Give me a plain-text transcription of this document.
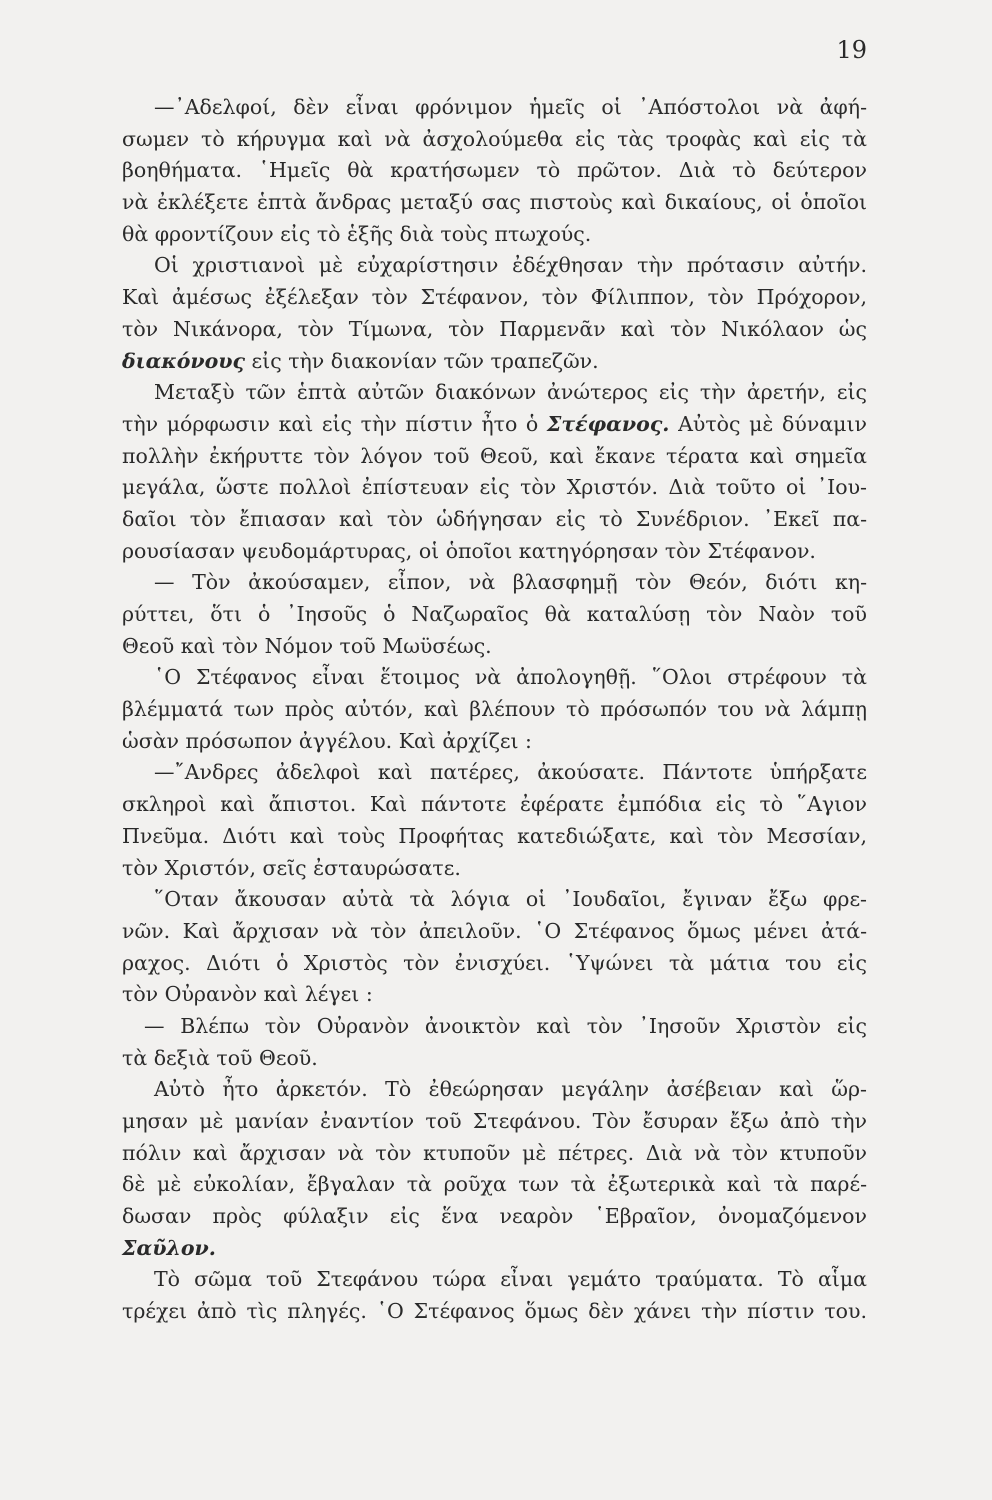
19
—᾿Αδελφοί, δὲν εἶναι φρόνιμον ἡμεῖς οἱ ᾿Απόστολοι νὰ ἀφή-
σωμεν τὸ κήρυγμα καὶ νὰ ἀσχολούμεθα εἰς τὰς τροφὰς καὶ εἰς τὰ
βοηθήματα. ῾Ημεῖς θὰ κρατήσωμεν τὸ πρῶτον. Διὰ τὸ δεύτερον
νὰ ἐκλέξετε ἑπτὰ ἄνδρας μεταξύ σας πιστοὺς καὶ δικαίους, οἱ ὁποῖοι
θὰ φροντίζουν εἰς τὸ ἑξῆς διὰ τοὺς πτωχούς.
Οἱ χριστιανοὶ μὲ εὐχαρίστησιν ἐδέχθησαν τὴν πρότασιν αὐτήν.
Καὶ ἀμέσως ἐξέλεξαν τὸν Στέφανον, τὸν Φίλιππον, τὸν Πρόχορον,
τὸν Νικάνορα, τὸν Τίμωνα, τὸν Παρμενᾶν καὶ τὸν Νικόλαον ὡς
διακόνους εἰς τὴν διακονίαν τῶν τραπεζῶν.
Μεταξὺ τῶν ἑπτὰ αὐτῶν διακόνων ἀνώτερος εἰς τὴν ἀρετήν, εἰς
τὴν μόρφωσιν καὶ εἰς τὴν πίστιν ἦτο ὁ Στέφανος. Αὐτὸς μὲ δύναμιν
πολλὴν ἐκήρυττε τὸν λόγον τοῦ Θεοῦ, καὶ ἔκανε τέρατα καὶ σημεῖα
μεγάλα, ὥστε πολλοὶ ἐπίστευαν εἰς τὸν Χριστόν. Διὰ τοῦτο οἱ ᾿Ιου-
δαῖοι τὸν ἔπιασαν καὶ τὸν ὡδήγησαν εἰς τὸ Συνέδριον. ᾿Εκεῖ πα-
ρουσίασαν ψευδομάρτυρας, οἱ ὁποῖοι κατηγόρησαν τὸν Στέφανον.
— Τὸν ἀκούσαμεν, εἶπον, νὰ βλασφημῇ τὸν Θεόν, διότι κη-
ρύττει, ὅτι ὁ ᾿Ιησοῦς ὁ Ναζωραῖος θὰ καταλύσῃ τὸν Ναὸν τοῦ
Θεοῦ καὶ τὸν Νόμον τοῦ Μωϋσέως.
῾Ο Στέφανος εἶναι ἕτοιμος νὰ ἀπολογηθῇ. ῞Ολοι στρέφουν τὰ
βλέμματά των πρὸς αὐτόν, καὶ βλέπουν τὸ πρόσωπόν του νὰ λάμπῃ
ὡσὰν πρόσωπον ἀγγέλου. Καὶ ἀρχίζει :
—῎Ανδρες ἀδελφοὶ καὶ πατέρες, ἀκούσατε. Πάντοτε ὑπήρξατε
σκληροὶ καὶ ἄπιστοι. Καὶ πάντοτε ἐφέρατε ἐμπόδια εἰς τὸ ῞Αγιον
Πνεῦμα. Διότι καὶ τοὺς Προφήτας κατεδιώξατε, καὶ τὸν Μεσσίαν,
τὸν Χριστόν, σεῖς ἐσταυρώσατε.
῞Οταν ἄκουσαν αὐτὰ τὰ λόγια οἱ ᾿Ιουδαῖοι, ἔγιναν ἔξω φρε-
νῶν. Καὶ ἄρχισαν νὰ τὸν ἀπειλοῦν. ῾Ο Στέφανος ὅμως μένει ἀτά-
ραχος. Διότι ὁ Χριστὸς τὸν ἐνισχύει. ῾Υψώνει τὰ μάτια του εἰς
τὸν Οὐρανὸν καὶ λέγει :
— Βλέπω τὸν Οὐρανὸν ἀνοικτὸν καὶ τὸν ᾿Ιησοῦν Χριστὸν εἰς
τὰ δεξιὰ τοῦ Θεοῦ.
Αὐτὸ ἦτο ἀρκετόν. Τὸ ἐθεώρησαν μεγάλην ἀσέβειαν καὶ ὥρ-
μησαν μὲ μανίαν ἐναντίον τοῦ Στεφάνου. Τὸν ἔσυραν ἔξω ἀπὸ τὴν
πόλιν καὶ ἄρχισαν νὰ τὸν κτυποῦν μὲ πέτρες. Διὰ νὰ τὸν κτυποῦν
δὲ μὲ εὐκολίαν, ἔβγαλαν τὰ ροῦχα των τὰ ἐξωτερικὰ καὶ τὰ παρέ-
δωσαν πρὸς φύλαξιν εἰς ἕνα νεαρὸν ῾Εβραῖον, ὀνομαζόμενον
Σαῦλον.
Τὸ σῶμα τοῦ Στεφάνου τώρα εἶναι γεμάτο τραύματα. Τὸ αἷμα
τρέχει ἀπὸ τὶς πληγές. ῾Ο Στέφανος ὅμως δὲν χάνει τὴν πίστιν του.
